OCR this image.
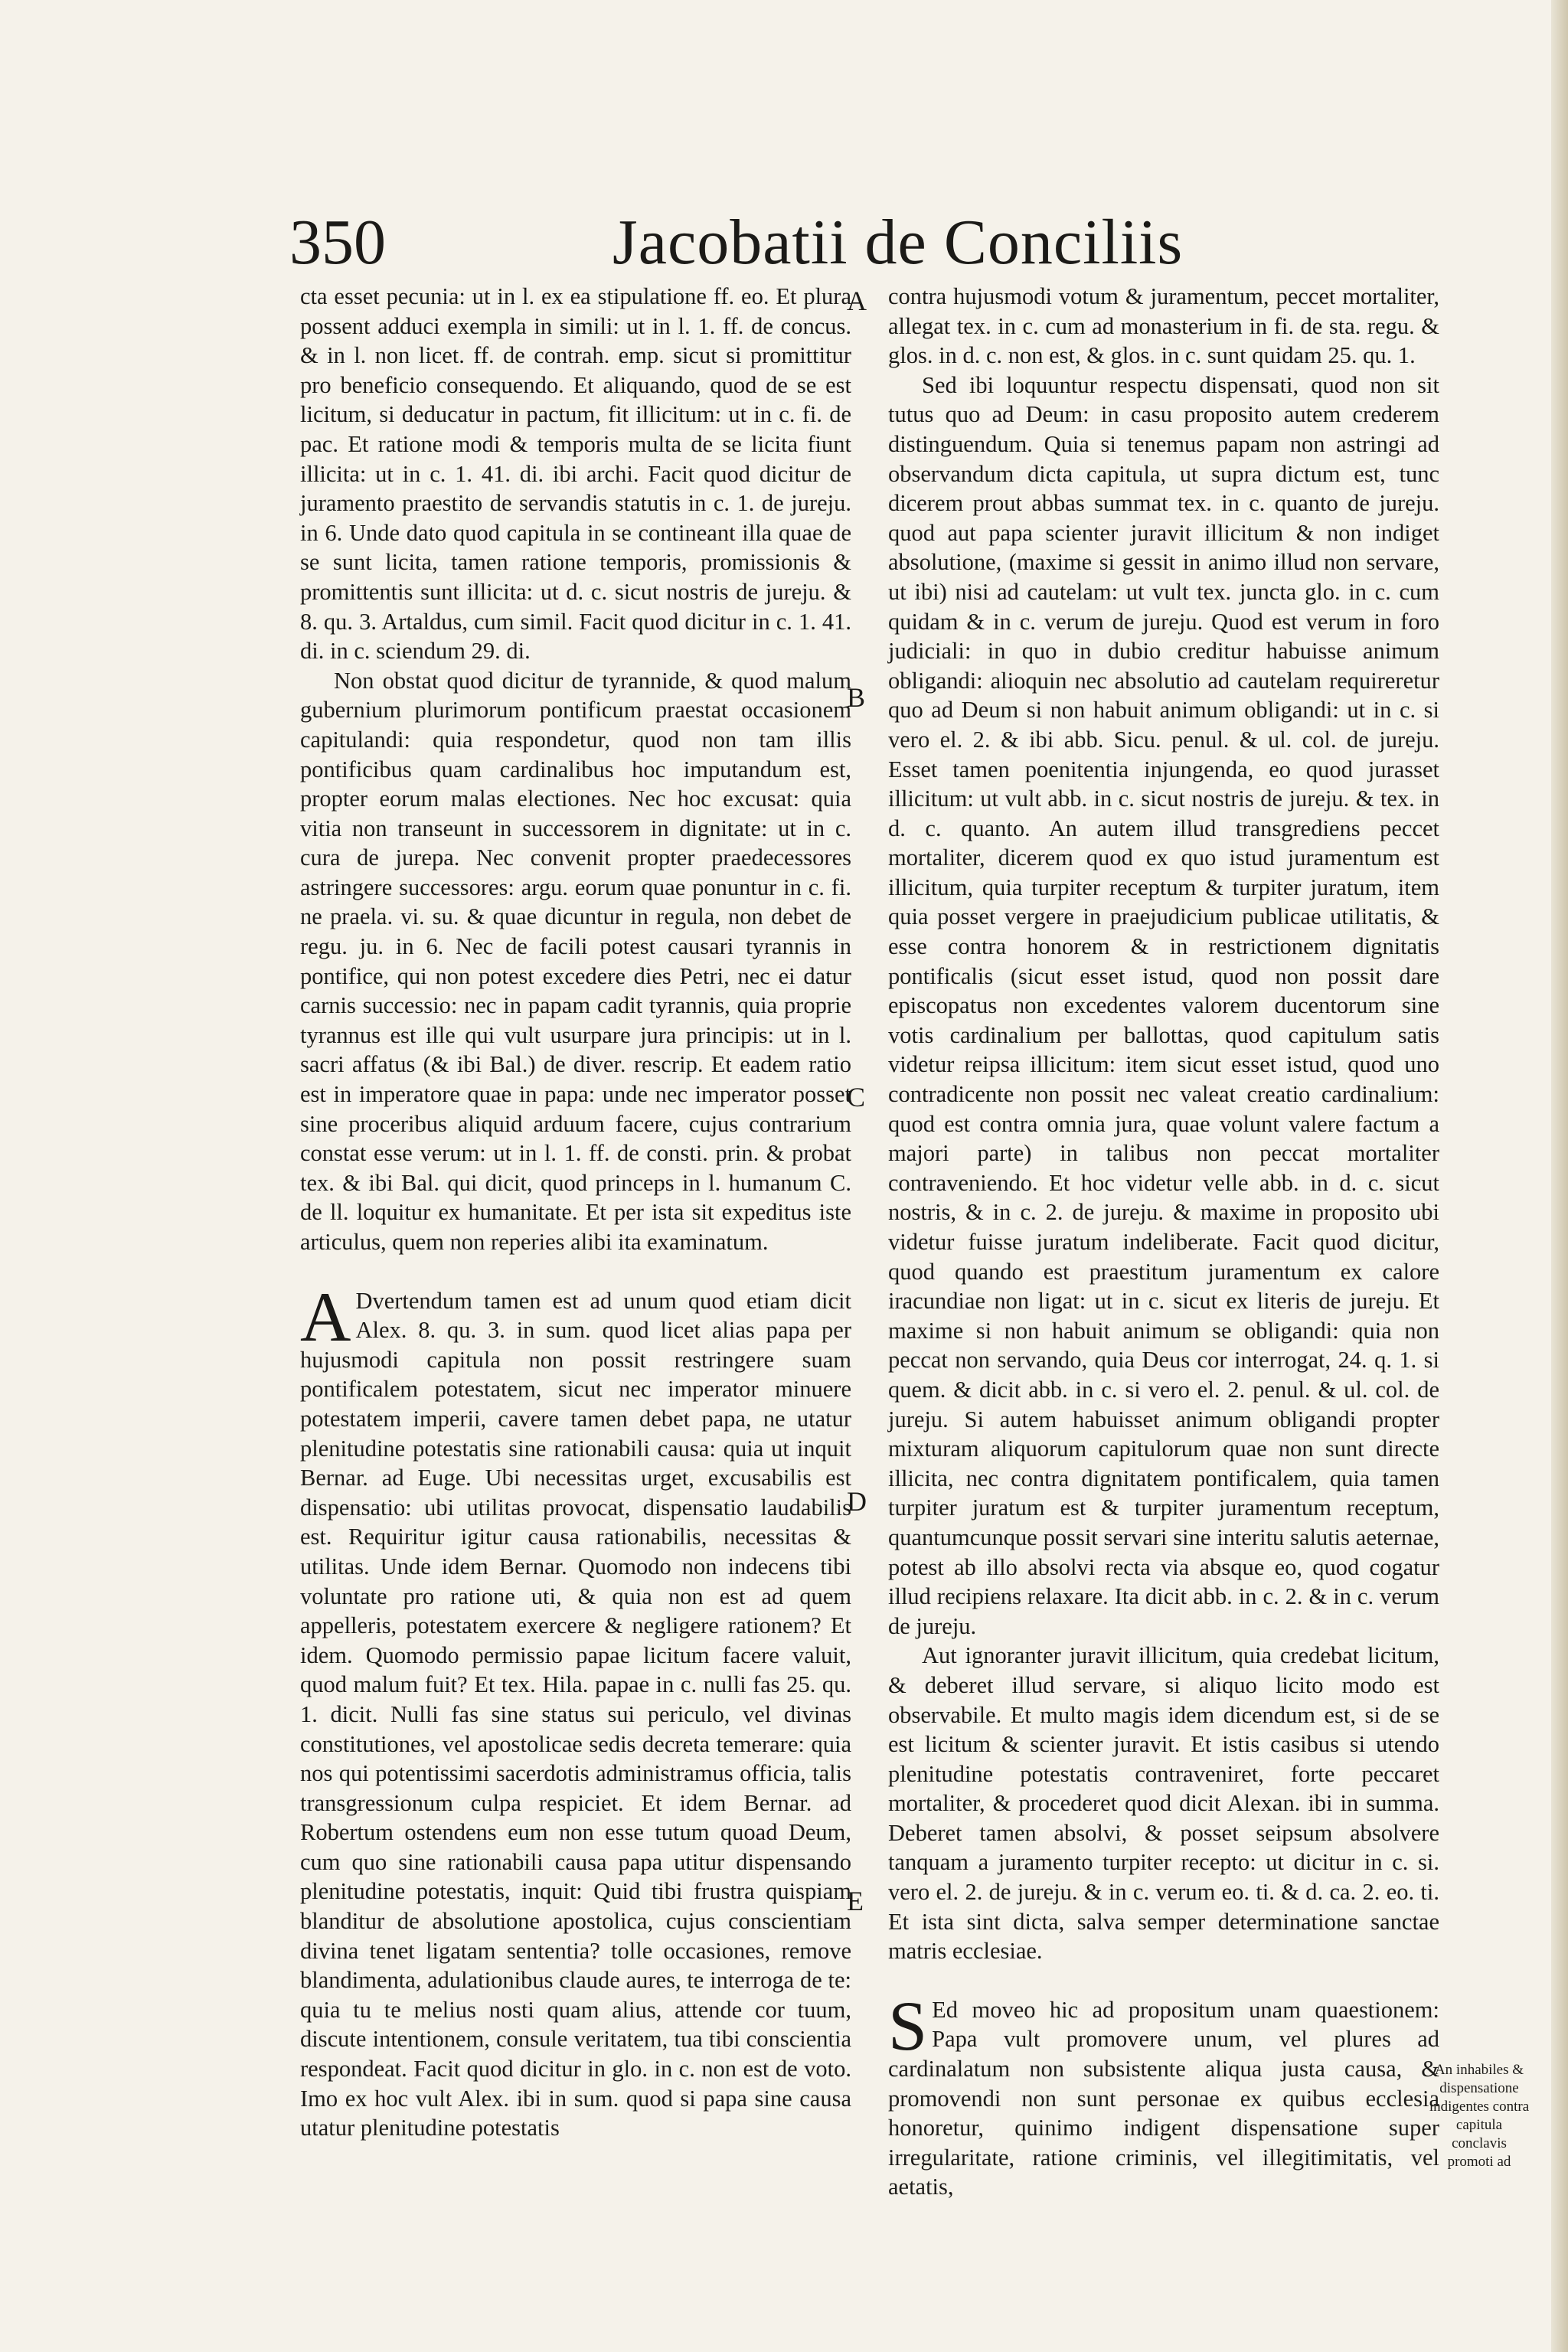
350	Jacobatii de Conciliis

cta esset pecunia: ut in l. ex ea stipulatione ff. eo. Et plura possent adduci exempla in simili: ut in l. 1. ff. de concus. & in l. non licet. ff. de contrah. emp. sicut si promittitur pro beneficio consequendo. Et aliquando, quod de se est licitum, si deducatur in pactum, fit illicitum: ut in c. fi. de pac. Et ratione modi & temporis multa de se licita fiunt illicita: ut in c. 1. 41. di. ibi archi. Facit quod dicitur de juramento praestito de servandis statutis in c. 1. de jureju. in 6. Unde dato quod capitula in se contineant illa quae de se sunt licita, tamen ratione temporis, promissionis & promittentis sunt illicita: ut d. c. sicut nostris de jureju. & 8. qu. 3. Artaldus, cum simil. Facit quod dicitur in c. 1. 41. di. in c. sciendum 29. di.

Non obstat quod dicitur de tyrannide, & quod malum gubernium plurimorum pontificum praestat occasionem capitulandi: quia respondetur, quod non tam illis pontificibus quam cardinalibus hoc imputandum est, propter eorum malas electiones. Nec hoc excusat: quia vitia non transeunt in successorem in dignitate: ut in c. cura de jurepa. Nec convenit propter praedecessores astringere successores: argu. eorum quae ponuntur in c. fi. ne praela. vi. su. & quae dicuntur in regula, non debet de regu. ju. in 6. Nec de facili potest causari tyrannis in pontifice, qui non potest excedere dies Petri, nec ei datur carnis successio: nec in papam cadit tyrannis, quia proprie tyrannus est ille qui vult usurpare jura principis: ut in l. sacri affatus (& ibi Bal.) de diver. rescrip. Et eadem ratio est in imperatore quae in papa: unde nec imperator posset sine proceribus aliquid arduum facere, cujus contrarium constat esse verum: ut in l. 1. ff. de consti. prin. & probat tex. & ibi Bal. qui dicit, quod princeps in l. humanum C. de ll. loquitur ex humanitate. Et per ista sit expeditus iste articulus, quem non reperies alibi ita examinatum.

A Dvertendum tamen est ad unum quod etiam dicit Alex. 8. qu. 3. in sum. quod licet alias papa per hujusmodi capitula non possit restringere suam pontificalem potestatem, sicut nec imperator minuere potestatem imperii, cavere tamen debet papa, ne utatur plenitudine potestatis sine rationabili causa: quia ut inquit Bernar. ad Euge. Ubi necessitas urget, excusabilis est dispensatio: ubi utilitas provocat, dispensatio laudabilis est. Requiritur igitur causa rationabilis, necessitas & utilitas. Unde idem Bernar. Quomodo non indecens tibi voluntate pro ratione uti, & quia non est ad quem appelleris, potestatem exercere & negligere rationem? Et idem. Quomodo permissio papae licitum facere valuit, quod malum fuit? Et tex. Hila. papae in c. nulli fas 25. qu. 1. dicit. Nulli fas sine status sui periculo, vel divinas constitutiones, vel apostolicae sedis decreta temerare: quia nos qui potentissimi sacerdotis administramus officia, talis transgressionum culpa respiciet. Et idem Bernar. ad Robertum ostendens eum non esse tutum quoad Deum, cum quo sine rationabili causa papa utitur dispensando plenitudine potestatis, inquit: Quid tibi frustra quispiam blanditur de absolutione apostolica, cujus conscientiam divina tenet ligatam sententia? tolle occasiones, remove blandimenta, adulationibus claude aures, te interroga de te: quia tu te melius nosti quam alius, attende cor tuum, discute intentionem, consule veritatem, tua tibi conscientia respondeat. Facit quod dicitur in glo. in c. non est de voto. Imo ex hoc vult Alex. ibi in sum. quod si papa sine causa utatur plenitudine potestatis

A
B
C
D
E

contra hujusmodi votum & juramentum, peccet mortaliter, allegat tex. in c. cum ad monasterium in fi. de sta. regu. & glos. in d. c. non est, & glos. in c. sunt quidam 25. qu. 1.

Sed ibi loquuntur respectu dispensati, quod non sit tutus quo ad Deum: in casu proposito autem crederem distinguendum. Quia si tenemus papam non astringi ad observandum dicta capitula, ut supra dictum est, tunc dicerem prout abbas summat tex. in c. quanto de jureju. quod aut papa scienter juravit illicitum & non indiget absolutione, (maxime si gessit in animo illud non servare, ut ibi) nisi ad cautelam: ut vult tex. juncta glo. in c. cum quidam & in c. verum de jureju. Quod est verum in foro judiciali: in quo in dubio creditur habuisse animum obligandi: alioquin nec absolutio ad cautelam requireretur quo ad Deum si non habuit animum obligandi: ut in c. si vero el. 2. & ibi abb. Sicu. penul. & ul. col. de jureju. Esset tamen poenitentia injungenda, eo quod jurasset illicitum: ut vult abb. in c. sicut nostris de jureju. & tex. in d. c. quanto. An autem illud transgrediens peccet mortaliter, dicerem quod ex quo istud juramentum est illicitum, quia turpiter receptum & turpiter juratum, item quia posset vergere in praejudicium publicae utilitatis, & esse contra honorem & in restrictionem dignitatis pontificalis (sicut esset istud, quod non possit dare episcopatus non excedentes valorem ducentorum sine votis cardinalium per ballottas, quod capitulum satis videtur reipsa illicitum: item sicut esset istud, quod uno contradicente non possit nec valeat creatio cardinalium: quod est contra omnia jura, quae volunt valere factum a majori parte) in talibus non peccat mortaliter contraveniendo. Et hoc videtur velle abb. in d. c. sicut nostris, & in c. 2. de jureju. & maxime in proposito ubi videtur fuisse juratum indeliberate. Facit quod dicitur, quod quando est praestitum juramentum ex calore iracundiae non ligat: ut in c. sicut ex literis de jureju. Et maxime si non habuit animum se obligandi: quia non peccat non servando, quia Deus cor interrogat, 24. q. 1. si quem. & dicit abb. in c. si vero el. 2. penul. & ul. col. de jureju. Si autem habuisset animum obligandi propter mixturam aliquorum capitulorum quae non sunt directe illicita, nec contra dignitatem pontificalem, quia tamen turpiter juratum est & turpiter juramentum receptum, quantumcunque possit servari sine interitu salutis aeternae, potest ab illo absolvi recta via absque eo, quod cogatur illud recipiens relaxare. Ita dicit abb. in c. 2. & in c. verum de jureju.

Aut ignoranter juravit illicitum, quia credebat licitum, & deberet illud servare, si aliquo licito modo est observabile. Et multo magis idem dicendum est, si de se est licitum & scienter juravit. Et istis casibus si utendo plenitudine potestatis contraveniret, forte peccaret mortaliter, & procederet quod dicit Alexan. ibi in summa. Deberet tamen absolvi, & posset seipsum absolvere tanquam a juramento turpiter recepto: ut dicitur in c. si. vero el. 2. de jureju. & in c. verum eo. ti. & d. ca. 2. eo. ti. Et ista sint dicta, salva semper determinatione sanctae matris ecclesiae.

S Ed moveo hic ad propositum unam quaestionem: Papa vult promovere unum, vel plures ad cardinalatum non subsistente aliqua justa causa, & promovendi non sunt personae ex quibus ecclesia honoretur, quinimo indigent dispensatione super irregularitate, ratione criminis, vel illegitimitatis, vel aetatis,

An inhabiles & dispensatione indigentes contra capitula conclavis promoti ad
